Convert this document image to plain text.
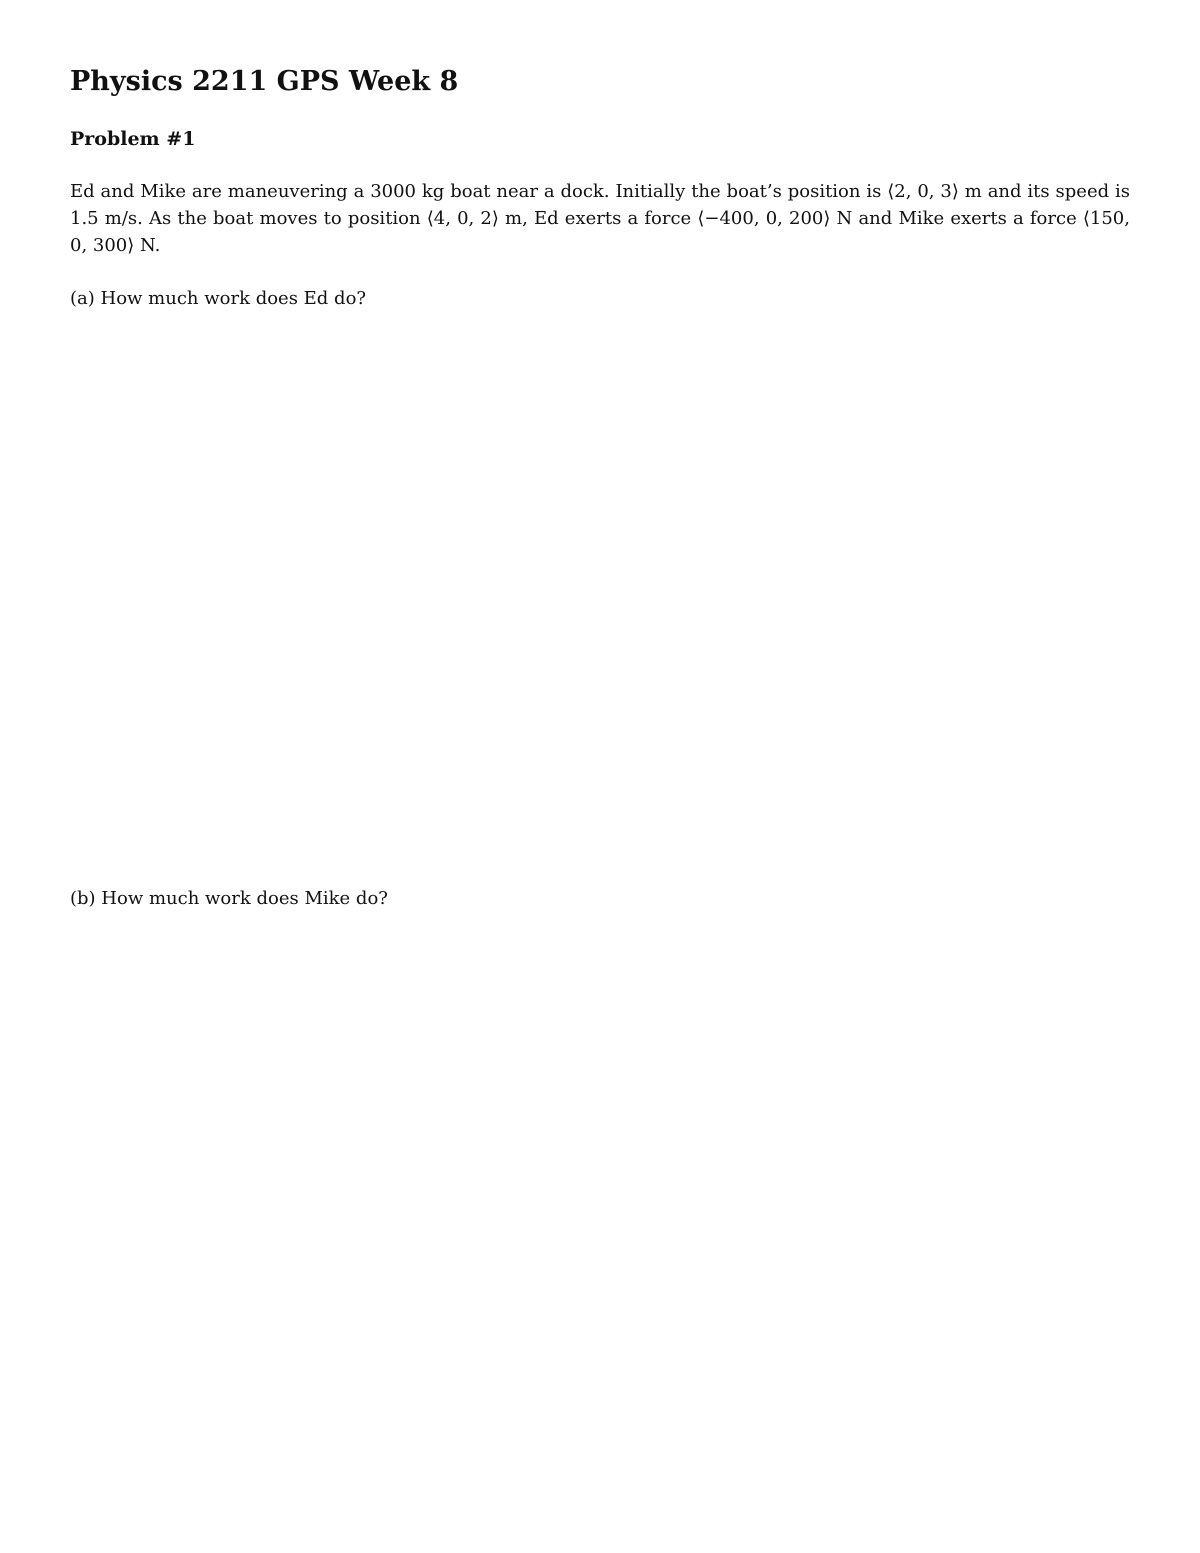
Physics 2211 GPS Week 8
Problem #1

Ed and Mike are maneuvering a 3000 kg boat near a dock. Initially the boat’s position is ⟨2, 0, 3⟩ m and its speed is 1.5 m/s. As the boat moves to position ⟨4, 0, 2⟩ m, Ed exerts a force ⟨−400, 0, 200⟩ N and Mike exerts a force ⟨150, 0, 300⟩ N.

(a) How much work does Ed do?

(b) How much work does Mike do?
